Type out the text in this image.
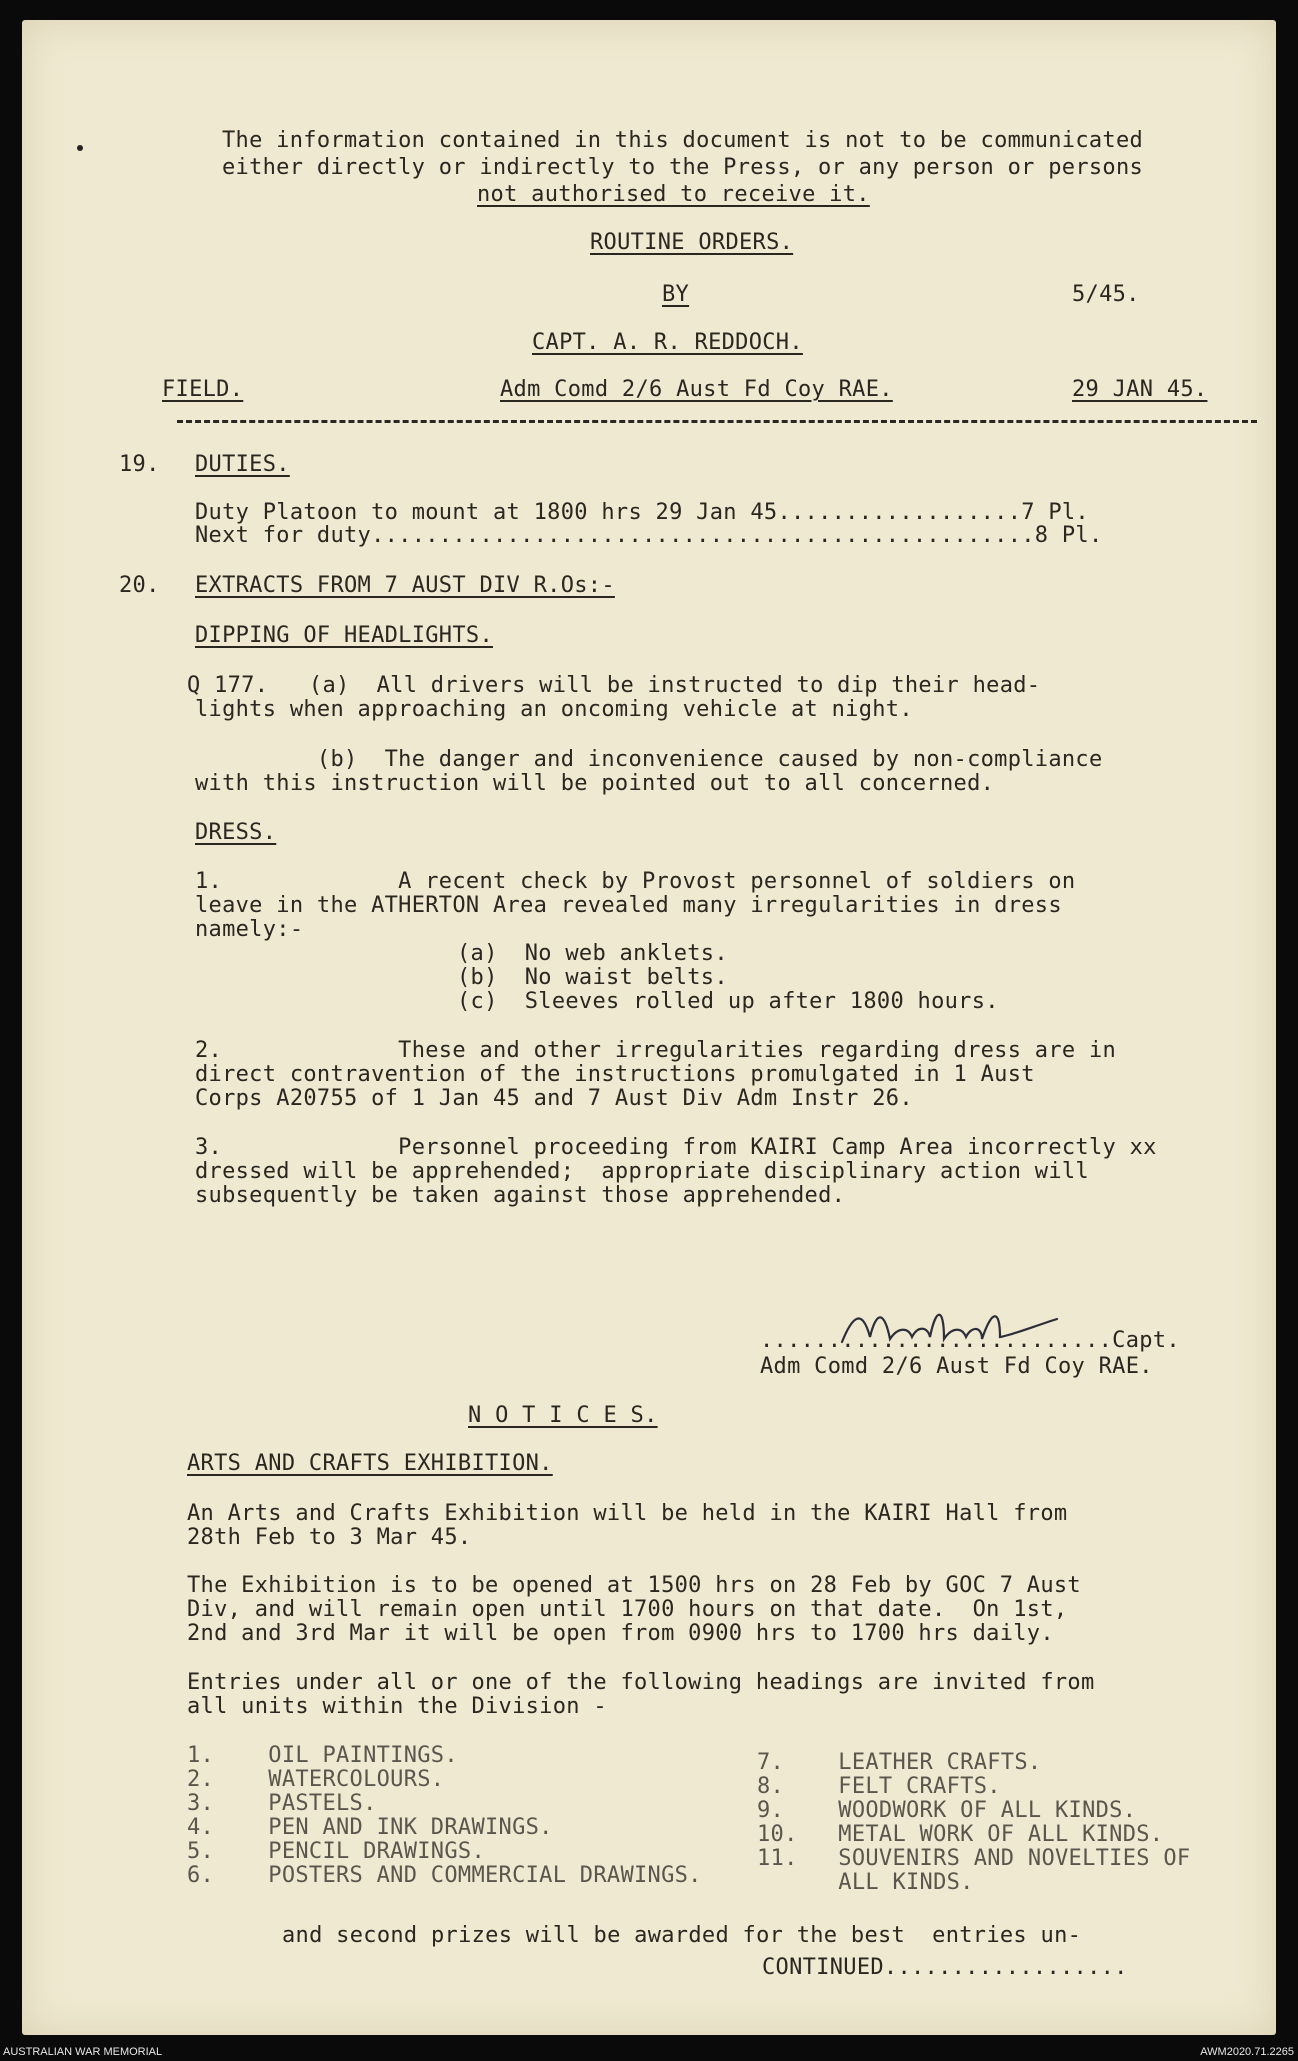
The information contained in this document is not to be communicated
either directly or indirectly to the Press, or any person or persons
not authorised to receive it.
ROUTINE ORDERS.
BY	5/45.
CAPT. A. R. REDDOCH.
FIELD.	Adm Comd 2/6 Aust Fd Coy RAE.	29 JAN 45.
19. DUTIES.
Duty Platoon to mount at 1800 hrs 29 Jan 45..................7 Pl.
Next for duty.................................................8 Pl.
20. EXTRACTS FROM 7 AUST DIV R.Os:-
DIPPING OF HEADLIGHTS.
Q 177.   (a)  All drivers will be instructed to dip their head-
lights when approaching an oncoming vehicle at night.
(b)  The danger and inconvenience caused by non-compliance
with this instruction will be pointed out to all concerned.
DRESS.
1.             A recent check by Provost personnel of soldiers on
leave in the ATHERTON Area revealed many irregularities in dress
namely:-
(a)  No web anklets.
(b)  No waist belts.
(c)  Sleeves rolled up after 1800 hours.
2.             These and other irregularities regarding dress are in
direct contravention of the instructions promulgated in 1 Aust
Corps A20755 of 1 Jan 45 and 7 Aust Div Adm Instr 26.
3.             Personnel proceeding from KAIRI Camp Area incorrectly xx
dressed will be apprehended;  appropriate disciplinary action will
subsequently be taken against those apprehended.
..........................Capt.
Adm Comd 2/6 Aust Fd Coy RAE.
N O T I C E S.
ARTS AND CRAFTS EXHIBITION.
An Arts and Crafts Exhibition will be held in the KAIRI Hall from
28th Feb to 3 Mar 45.
The Exhibition is to be opened at 1500 hrs on 28 Feb by GOC 7 Aust
Div, and will remain open until 1700 hours on that date.  On 1st,
2nd and 3rd Mar it will be open from 0900 hrs to 1700 hrs daily.
Entries under all or one of the following headings are invited from
all units within the Division -
1.    OIL PAINTINGS.
2.    WATERCOLOURS.
3.    PASTELS.
4.    PEN AND INK DRAWINGS.
5.    PENCIL DRAWINGS.
6.    POSTERS AND COMMERCIAL DRAWINGS.
7.    LEATHER CRAFTS.
8.    FELT CRAFTS.
9.    WOODWORK OF ALL KINDS.
10.   METAL WORK OF ALL KINDS.
11.   SOUVENIRS AND NOVELTIES OF
ALL KINDS.
and second prizes will be awarded for the best  entries un-
CONTINUED..................
AUSTRALIAN WAR MEMORIAL	AWM2020.71.2265
